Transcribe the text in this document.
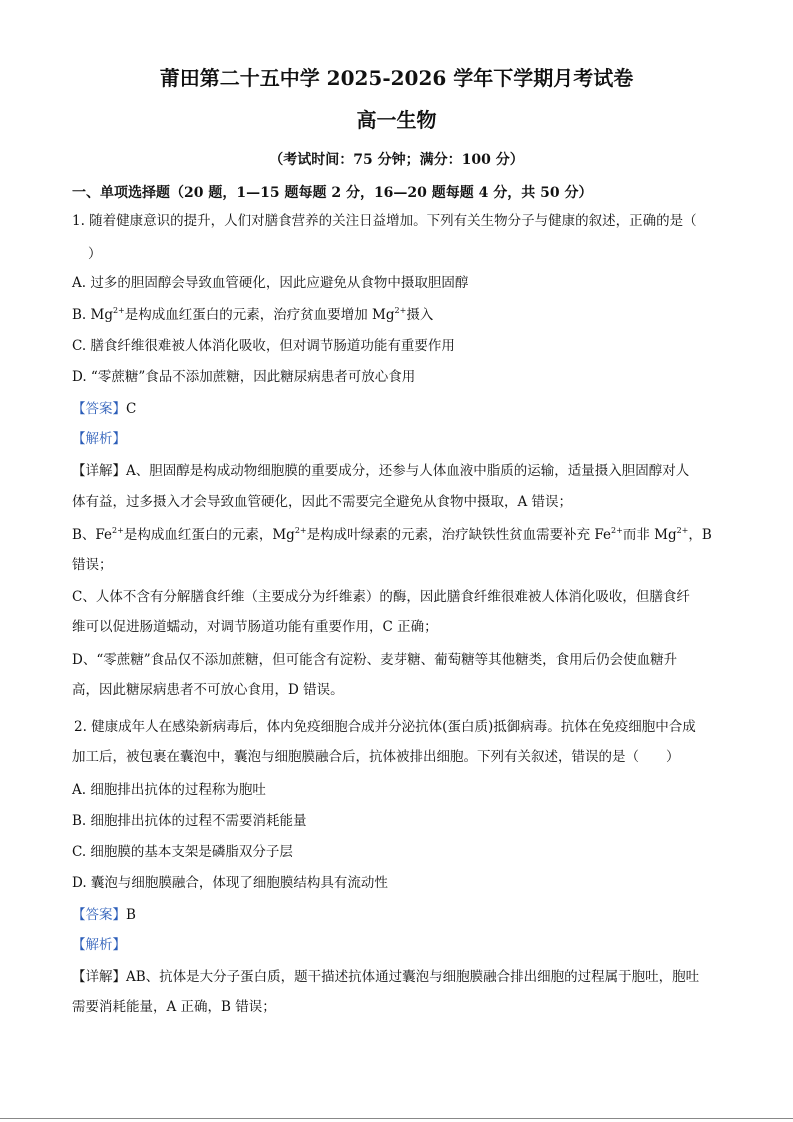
莆田第二十五中学 2025-2026 学年下学期月考试卷
高一生物
（考试时间：75 分钟；满分：100 分）
一、单项选择题（20 题，1—15 题每题 2 分，16—20 题每题 4 分，共 50 分）
1. 随着健康意识的提升，人们对膳食营养的关注日益增加。下列有关生物分子与健康的叙述，正确的是（
）
A. 过多的胆固醇会导致血管硬化，因此应避免从食物中摄取胆固醇
B. $Mg^{2+}$是构成血红蛋白的元素，治疗贫血要增加 $Mg^{2+}$摄入
C. 膳食纤维很难被人体消化吸收，但对调节肠道功能有重要作用
D. “零蔗糖”食品不添加蔗糖，因此糖尿病患者可放心食用
【答案】C
【解析】
【详解】A、胆固醇是构成动物细胞膜的重要成分，还参与人体血液中脂质的运输，适量摄入胆固醇对人
体有益，过多摄入才会导致血管硬化，因此不需要完全避免从食物中摄取，A 错误；
B、$Fe^{2+}$是构成血红蛋白的元素，$Mg^{2+}$是构成叶绿素的元素，治疗缺铁性贫血需要补充 $Fe^{2+}$而非 $Mg^{2+}$，B
错误；
C、人体不含有分解膳食纤维（主要成分为纤维素）的酶，因此膳食纤维很难被人体消化吸收，但膳食纤
维可以促进肠道蠕动，对调节肠道功能有重要作用，C 正确；
D、“零蔗糖”食品仅不添加蔗糖，但可能含有淀粉、麦芽糖、葡萄糖等其他糖类，食用后仍会使血糖升
高，因此糖尿病患者不可放心食用，D 错误。
2. 健康成年人在感染新病毒后，体内免疫细胞合成并分泌抗体(蛋白质)抵御病毒。抗体在免疫细胞中合成
加工后，被包裹在囊泡中，囊泡与细胞膜融合后，抗体被排出细胞。下列有关叙述，错误的是（　　）
A. 细胞排出抗体的过程称为胞吐
B. 细胞排出抗体的过程不需要消耗能量
C. 细胞膜的基本支架是磷脂双分子层
D. 囊泡与细胞膜融合，体现了细胞膜结构具有流动性
【答案】B
【解析】
【详解】AB、抗体是大分子蛋白质，题干描述抗体通过囊泡与细胞膜融合排出细胞的过程属于胞吐，胞吐
需要消耗能量，A 正确，B 错误；
